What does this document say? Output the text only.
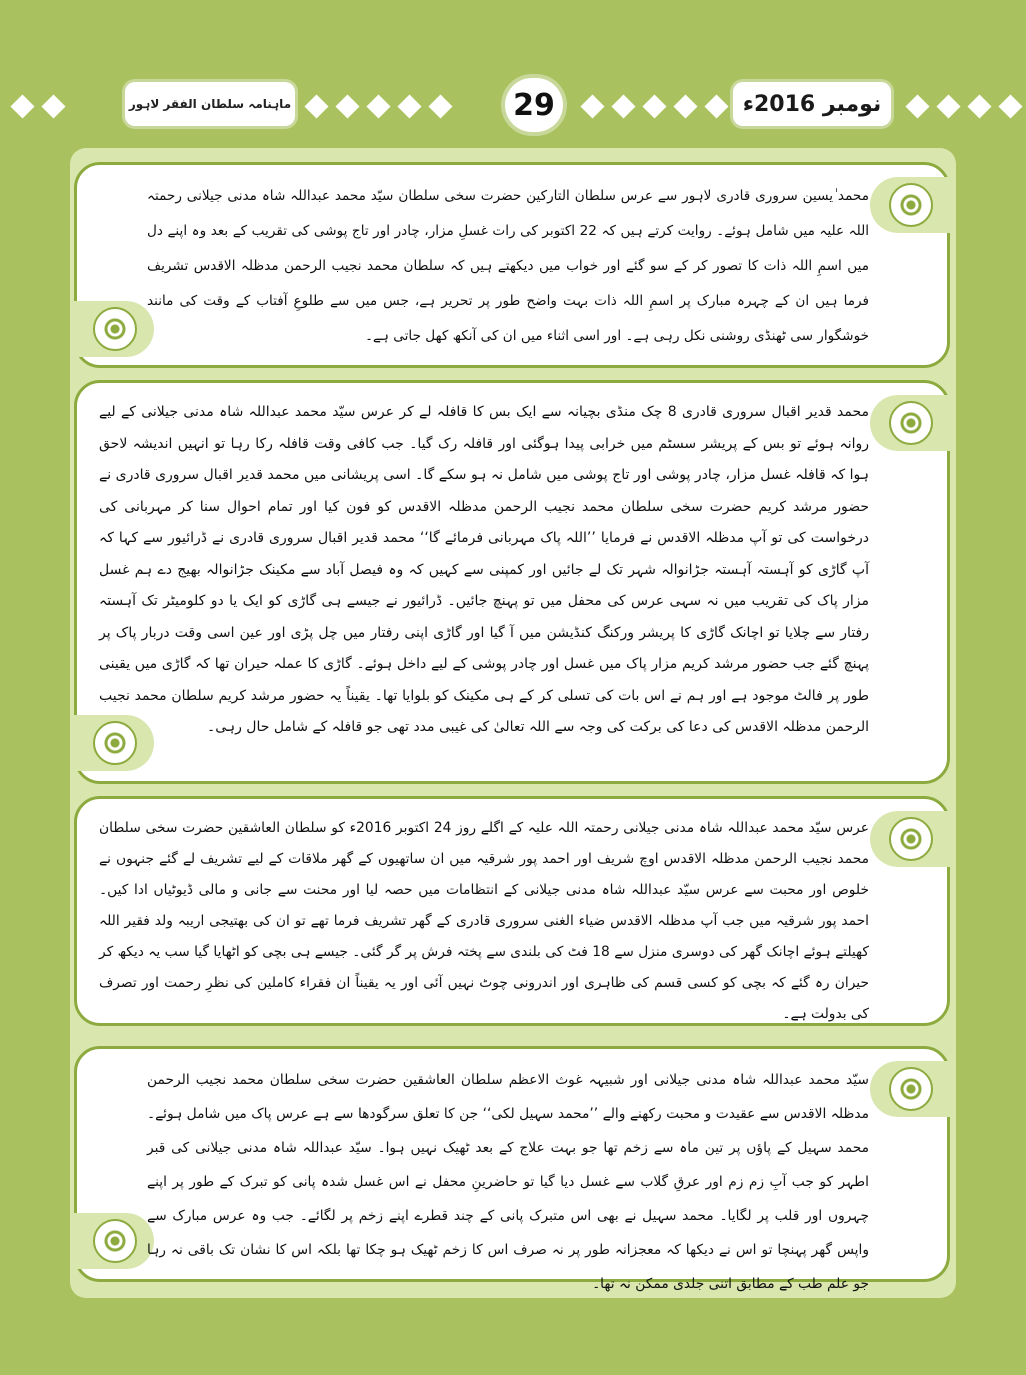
ماہنامہ سلطان الفقر لاہور	29	نومبر 2016ء

محمد ٰیسین سروری قادری لاہور سے عرس سلطان التارکین حضرت سخی سلطان سیّد محمد عبداللہ شاہ مدنی جیلانی رحمتہ اللہ علیہ میں شامل ہوئے۔ روایت کرتے ہیں کہ 22 اکتوبر کی رات غسلِ مزار، چادر اور تاج پوشی کی تقریب کے بعد وہ اپنے دل میں اسمِ اللہ ذات کا تصور کر کے سو گئے اور خواب میں دیکھتے ہیں کہ سلطان محمد نجیب الرحمن مدظلہ الاقدس تشریف فرما ہیں ان کے چہرہ مبارک پر اسمِ اللہ ذات بہت واضح طور پر تحریر ہے، جس میں سے طلوعِ آفتاب کے وقت کی مانند خوشگوار سی ٹھنڈی روشنی نکل رہی ہے۔ اور اسی اثناء میں ان کی آنکھ کھل جاتی ہے۔

محمد قدیر اقبال سروری قادری 8 چک منڈی بچیانہ سے ایک بس کا قافلہ لے کر عرس سیّد محمد عبداللہ شاہ مدنی جیلانی کے لیے روانہ ہوئے تو بس کے پریشر سسٹم میں خرابی پیدا ہوگئی اور قافلہ رک گیا۔ جب کافی وقت قافلہ رکا رہا تو انہیں اندیشہ لاحق ہوا کہ قافلہ غسل مزار، چادر پوشی اور تاج پوشی میں شامل نہ ہو سکے گا۔ اسی پریشانی میں محمد قدیر اقبال سروری قادری نے حضور مرشد کریم حضرت سخی سلطان محمد نجیب الرحمن مدظلہ الاقدس کو فون کیا اور تمام احوال سنا کر مہربانی کی درخواست کی تو آپ مدظلہ الاقدس نے فرمایا ’’اللہ پاک مہربانی فرمائے گا‘‘ محمد قدیر اقبال سروری قادری نے ڈرائیور سے کہا کہ آپ گاڑی کو آہستہ آہستہ جڑانوالہ شہر تک لے جائیں اور کمپنی سے کہیں کہ وہ فیصل آباد سے مکینک جڑانوالہ بھیج دے ہم غسل مزار پاک کی تقریب میں نہ سہی عرس کی محفل میں تو پہنچ جائیں۔ ڈرائیور نے جیسے ہی گاڑی کو ایک یا دو کلومیٹر تک آہستہ رفتار سے چلایا تو اچانک گاڑی کا پریشر ورکنگ کنڈیشن میں آ گیا اور گاڑی اپنی رفتار میں چل پڑی اور عین اسی وقت دربار پاک پر پہنچ گئے جب حضور مرشد کریم مزار پاک میں غسل اور چادر پوشی کے لیے داخل ہوئے۔ گاڑی کا عملہ حیران تھا کہ گاڑی میں یقینی طور پر فالٹ موجود ہے اور ہم نے اس بات کی تسلی کر کے ہی مکینک کو بلوایا تھا۔ یقیناً یہ حضور مرشد کریم سلطان محمد نجیب الرحمن مدظلہ الاقدس کی دعا کی برکت کی وجہ سے اللہ تعالیٰ کی غیبی مدد تھی جو قافلہ کے شامل حال رہی۔

عرس سیّد محمد عبداللہ شاہ مدنی جیلانی رحمتہ اللہ علیہ کے اگلے روز 24 اکتوبر 2016ء کو سلطان العاشقین حضرت سخی سلطان محمد نجیب الرحمن مدظلہ الاقدس اوچ شریف اور احمد پور شرقیہ میں ان ساتھیوں کے گھر ملاقات کے لیے تشریف لے گئے جنہوں نے خلوص اور محبت سے عرس سیّد عبداللہ شاہ مدنی جیلانی کے انتظامات میں حصہ لیا اور محنت سے جانی و مالی ڈیوٹیاں ادا کیں۔ احمد پور شرقیہ میں جب آپ مدظلہ الاقدس ضیاء الغنی سروری قادری کے گھر تشریف فرما تھے تو ان کی بھتیجی اریبہ ولد فقیر اللہ کھیلتے ہوئے اچانک گھر کی دوسری منزل سے 18 فٹ کی بلندی سے پختہ فرش پر گر گئی۔ جیسے ہی بچی کو اٹھایا گیا سب یہ دیکھ کر حیران رہ گئے کہ بچی کو کسی قسم کی ظاہری اور اندرونی چوٹ نہیں آئی اور یہ یقیناً ان فقراء کاملین کی نظرِ رحمت اور تصرف کی بدولت ہے۔

سیّد محمد عبداللہ شاہ مدنی جیلانی اور شبیہہ غوث الاعظم سلطان العاشقین حضرت سخی سلطان محمد نجیب الرحمن مدظلہ الاقدس سے عقیدت و محبت رکھنے والے ’’محمد سہیل لکی‘‘ جن کا تعلق سرگودھا سے ہے عرس پاک میں شامل ہوئے۔ محمد سہیل کے پاؤں پر تین ماہ سے زخم تھا جو بہت علاج کے بعد ٹھیک نہیں ہوا۔ سیّد عبداللہ شاہ مدنی جیلانی کی قبر اطہر کو جب آبِ زم زم اور عرقِ گلاب سے غسل دیا گیا تو حاضرینِ محفل نے اس غسل شدہ پانی کو تبرک کے طور پر اپنے چہروں اور قلب پر لگایا۔ محمد سہیل نے بھی اس متبرک پانی کے چند قطرے اپنے زخم پر لگائے۔ جب وہ عرس مبارک سے واپس گھر پہنچا تو اس نے دیکھا کہ معجزانہ طور پر نہ صرف اس کا زخم ٹھیک ہو چکا تھا بلکہ اس کا نشان تک باقی نہ رہا جو علم طب کے مطابق اتنی جلدی ممکن نہ تھا۔
